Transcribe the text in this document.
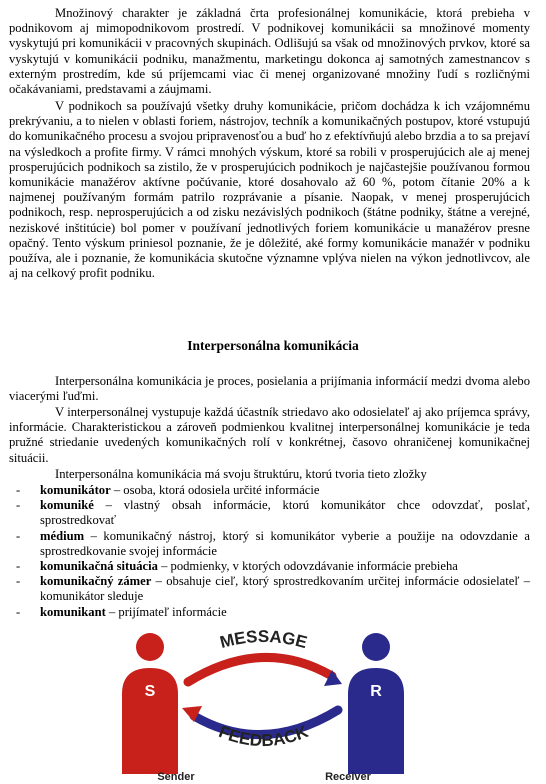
Množinový charakter je základná črta profesionálnej komunikácie, ktorá prebieha v podnikovom aj mimopodnikovom prostredí. V podnikovej komunikácii sa množinové momenty vyskytujú pri komunikácii v pracovných skupinách. Odlišujú sa však od množinových prvkov, ktoré sa vyskytujú v komunikácii podniku, manažmentu, marketingu dokonca aj samotných zamestnancov s externým prostredím, kde sú príjemcami viac či menej organizované množiny ľudí s rozličnými očakávaniami, predstavami a záujmami.

V podnikoch sa používajú všetky druhy komunikácie, pričom dochádza k ich vzájomnému prekrývaniu, a to nielen v oblasti foriem, nástrojov, techník a komunikačných postupov, ktoré vstupujú do komunikačného procesu a svojou pripravenosťou a buď ho z efektívňujú alebo brzdia a to sa prejaví na výsledkoch a profite firmy. V rámci mnohých výskum, ktoré sa robili v prosperujúcich ale aj menej prosperujúcich podnikoch sa zistilo, že v prosperujúcich podnikoch je najčastejšie používanou formou komunikácie manažérov aktívne počúvanie, ktoré dosahovalo až 60 %, potom čítanie 20% a k najmenej používaným formám patrilo rozprávanie a písanie. Naopak, v menej prosperujúcich podnikoch, resp. neprosperujúcich a od zisku nezávislých podnikoch (štátne podniky, štátne a verejné, neziskové inštitúcie) bol pomer v používaní jednotlivých foriem komunikácie u manažérov presne opačný. Tento výskum priniesol poznanie, že je dôležité, aké formy komunikácie manažér v podniku používa, ale i poznanie, že komunikácia skutočne významne vplýva nielen na výkon jednotlivcov, ale aj na celkový profit podniku.

Interpersonálna komunikácia

Interpersonálna komunikácia je proces, posielania a prijímania informácií medzi dvoma alebo viacerými ľuďmi.

V interpersonálnej vystupuje každá účastník striedavo ako odosielateľ aj ako príjemca správy, informácie. Charakteristickou a zároveň podmienkou kvalitnej interpersonálnej komunikácie je teda pružné striedanie uvedených komunikačných rolí v konkrétnej, časovo ohraničenej komunikačnej situácii.

Interpersonálna komunikácia má svoju štruktúru, ktorú tvoria tieto zložky

- komunikátor – osoba, ktorá odosiela určité informácie
- komuniké – vlastný obsah informácie, ktorú komunikátor chce odovzdať, poslať, sprostredkovať
- médium – komunikačný nástroj, ktorý si komunikátor vyberie a použije na odovzdanie a sprostredkovanie svojej informácie
- komunikačná situácia – podmienky, v ktorých odovzdávanie informácie prebieha
- komunikačný zámer – obsahuje cieľ, ktorý sprostredkovaním určitej informácie odosielateľ – komunikátor sleduje
- komunikant – prijímateľ informácie
S	R
MESSAGE
FEEDBACK
Sender	Receiver
